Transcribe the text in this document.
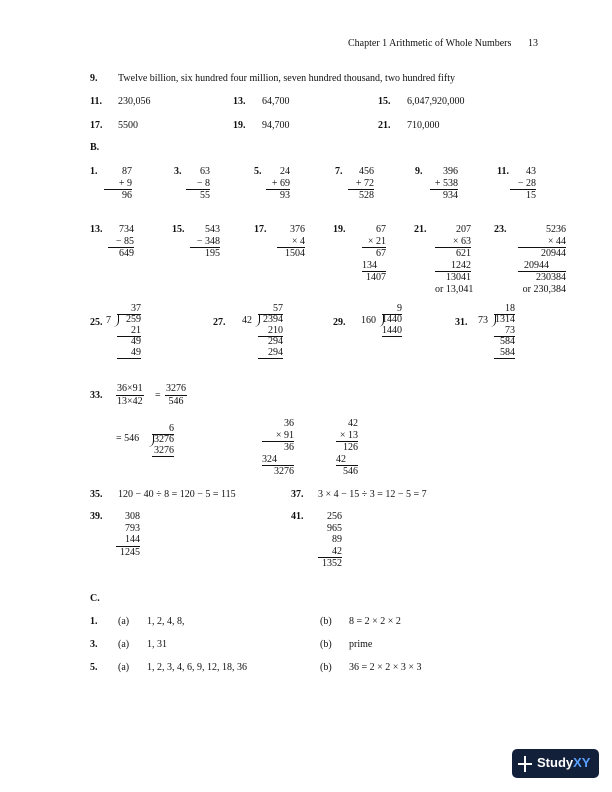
Chapter 1 Arithmetic of Whole Numbers 13
9. Twelve billion, six hundred four million, seven hundred thousand, two hundred fifty
11. 230,056	13. 64,700	15. 6,047,920,000
17. 5500	19. 94,700	21. 710,000
B.
1.	87
+ 9
96
3.	63
− 8
55
5.	24
+ 69
93
7.	456
+ 72
528
9.	396
+ 538
934
11.	43
− 28
15
13.	734
− 85
649
15.	543
− 348
195
17.	376
× 4
1504
19.	67
× 21
67
134
1407
21.	207
× 63
621
1242
13041
or 13,041
23.	5236
× 44
20944
20944
230384
or 230,384
25.
37
7	259
21
49
49
27.
57
42	2394
210
294
294
29.
9
160 1440
1440
31.
18
73 1314
73
584
584
33. $\frac{36\times 91}{13\times 42} = \frac{3276}{546}$
= 546
6
3276
3276
36
× 91
36
324
3276
42
× 13
126
42
546
35. 120 − 40 ÷ 8 = 120 − 5 = 115	37. 3 × 4 − 15 ÷ 3 = 12 − 5 = 7
39.	308
793
144
1245
41.	256
965
89
42
1352
C.
1. (a) 1, 2, 4, 8,	(b) 8 = 2 × 2 × 2
3. (a) 1, 31	(b) prime
5. (a) 1, 2, 3, 4, 6, 9, 12, 18, 36	(b) 36 = 2 × 2 × 3 × 3
StudyXY
